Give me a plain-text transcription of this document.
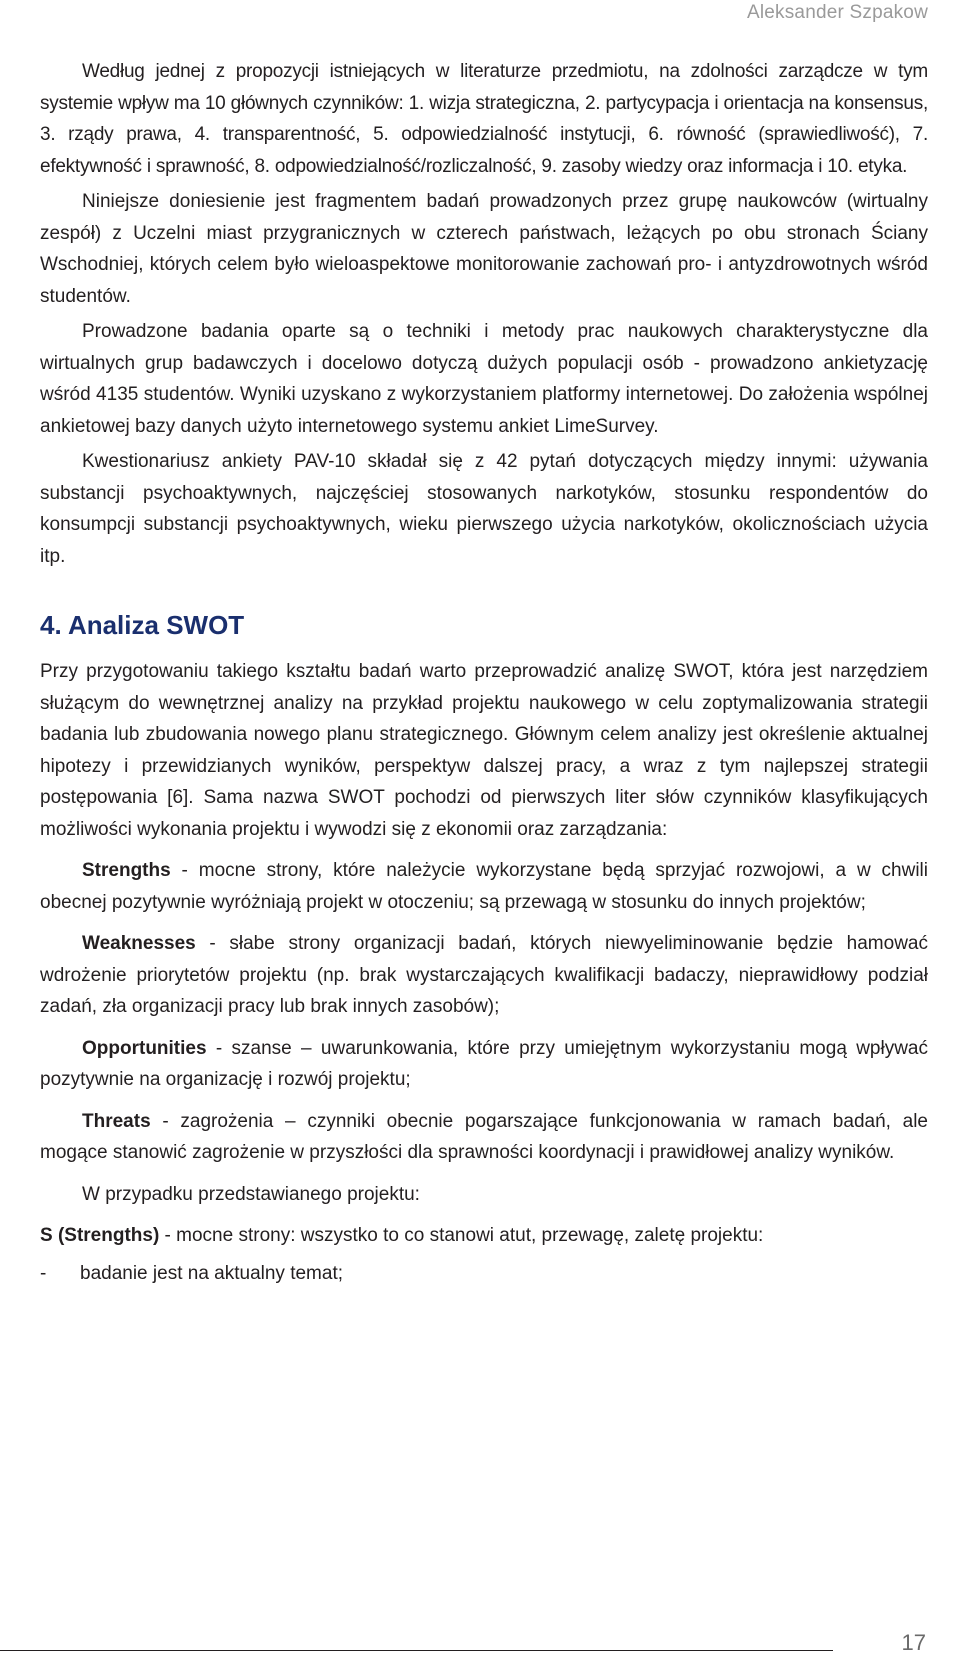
Aleksander Szpakow

Według jednej z propozycji istniejących w literaturze przedmiotu, na zdolności zarządcze w tym systemie wpływ ma 10 głównych czynników: 1. wizja strategiczna, 2. partycypacja i orientacja na konsensus, 3. rządy prawa, 4. transparentność, 5. odpowiedzialność instytucji, 6. równość (sprawiedliwość), 7. efektywność i sprawność, 8. odpowiedzialność/rozliczalność, 9. zasoby wiedzy oraz informacja i 10. etyka.

Niniejsze doniesienie jest fragmentem badań prowadzonych przez grupę naukowców (wirtualny zespół) z Uczelni miast przygranicznych w czterech państwach, leżących po obu stronach Ściany Wschodniej, których celem było wieloaspektowe monitorowanie zachowań pro- i antyzdrowotnych wśród studentów.

Prowadzone badania oparte są o techniki i metody prac naukowych charakterystyczne dla wirtualnych grup badawczych i docelowo dotyczą dużych populacji osób - prowadzono ankietyzację wśród 4135 studentów. Wyniki uzyskano z wykorzystaniem platformy internetowej. Do założenia wspólnej ankietowej bazy danych użyto internetowego systemu ankiet LimeSurvey.

Kwestionariusz ankiety PAV-10 składał się z 42 pytań dotyczących między innymi: używania substancji psychoaktywnych, najczęściej stosowanych narkotyków, stosunku respondentów do konsumpcji substancji psychoaktywnych, wieku pierwszego użycia narkotyków, okolicznościach użycia itp.

4. Analiza SWOT

Przy przygotowaniu takiego kształtu badań warto przeprowadzić analizę SWOT, która jest narzędziem służącym do wewnętrznej analizy na przykład projektu naukowego w celu zoptymalizowania strategii badania lub zbudowania nowego planu strategicznego. Głównym celem analizy jest określenie aktualnej hipotezy i przewidzianych wyników, perspektyw dalszej pracy, a wraz z tym najlepszej strategii postępowania [6]. Sama nazwa SWOT pochodzi od pierwszych liter słów czynników klasyfikujących możliwości wykonania projektu i wywodzi się z ekonomii oraz zarządzania:

Strengths - mocne strony, które należycie wykorzystane będą sprzyjać rozwojowi, a w chwili obecnej pozytywnie wyróżniają projekt w otoczeniu; są przewagą w stosunku do innych projektów;

Weaknesses - słabe strony organizacji badań, których niewyeliminowanie będzie hamować wdrożenie priorytetów projektu (np. brak wystarczających kwalifikacji badaczy, nieprawidłowy podział zadań, zła organizacji pracy lub brak innych zasobów);

Opportunities - szanse – uwarunkowania, które przy umiejętnym wykorzystaniu mogą wpływać pozytywnie na organizację i rozwój projektu;

Threats - zagrożenia – czynniki obecnie pogarszające funkcjonowania w ramach badań, ale mogące stanowić zagrożenie w przyszłości dla sprawności koordynacji i prawidłowej analizy wyników.

W przypadku przedstawianego projektu:

S (Strengths) - mocne strony: wszystko to co stanowi atut, przewagę, zaletę projektu:

-	badanie jest na aktualny temat;
17
